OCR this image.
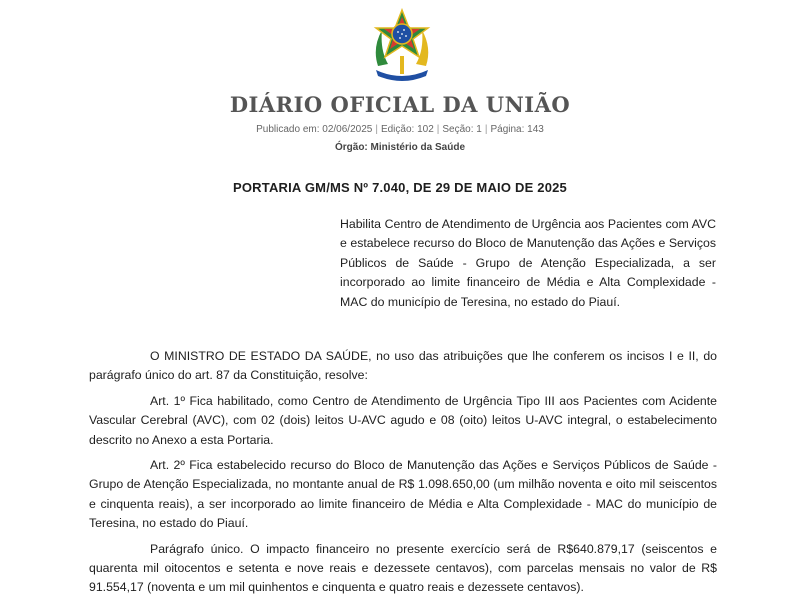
DIÁRIO OFICIAL DA UNIÃO
Publicado em: 02/06/2025 | Edição: 102 | Seção: 1 | Página: 143
Órgão: Ministério da Saúde
PORTARIA GM/MS Nº 7.040, DE 29 DE MAIO DE 2025
Habilita Centro de Atendimento de Urgência aos Pacientes com AVC e estabelece recurso do Bloco de Manutenção das Ações e Serviços Públicos de Saúde - Grupo de Atenção Especializada, a ser incorporado ao limite financeiro de Média e Alta Complexidade - MAC do município de Teresina, no estado do Piauí.

O MINISTRO DE ESTADO DA SAÚDE, no uso das atribuições que lhe conferem os incisos I e II, do parágrafo único do art. 87 da Constituição, resolve:

Art. 1º Fica habilitado, como Centro de Atendimento de Urgência Tipo III aos Pacientes com Acidente Vascular Cerebral (AVC), com 02 (dois) leitos U-AVC agudo e 08 (oito) leitos U-AVC integral, o estabelecimento descrito no Anexo a esta Portaria.

Art. 2º Fica estabelecido recurso do Bloco de Manutenção das Ações e Serviços Públicos de Saúde - Grupo de Atenção Especializada, no montante anual de R$ 1.098.650,00 (um milhão noventa e oito mil seiscentos e cinquenta reais), a ser incorporado ao limite financeiro de Média e Alta Complexidade - MAC do município de Teresina, no estado do Piauí.

Parágrafo único. O impacto financeiro no presente exercício será de R$640.879,17 (seiscentos e quarenta mil oitocentos e setenta e nove reais e dezessete centavos), com parcelas mensais no valor de R$ 91.554,17 (noventa e um mil quinhentos e cinquenta e quatro reais e dezessete centavos).
